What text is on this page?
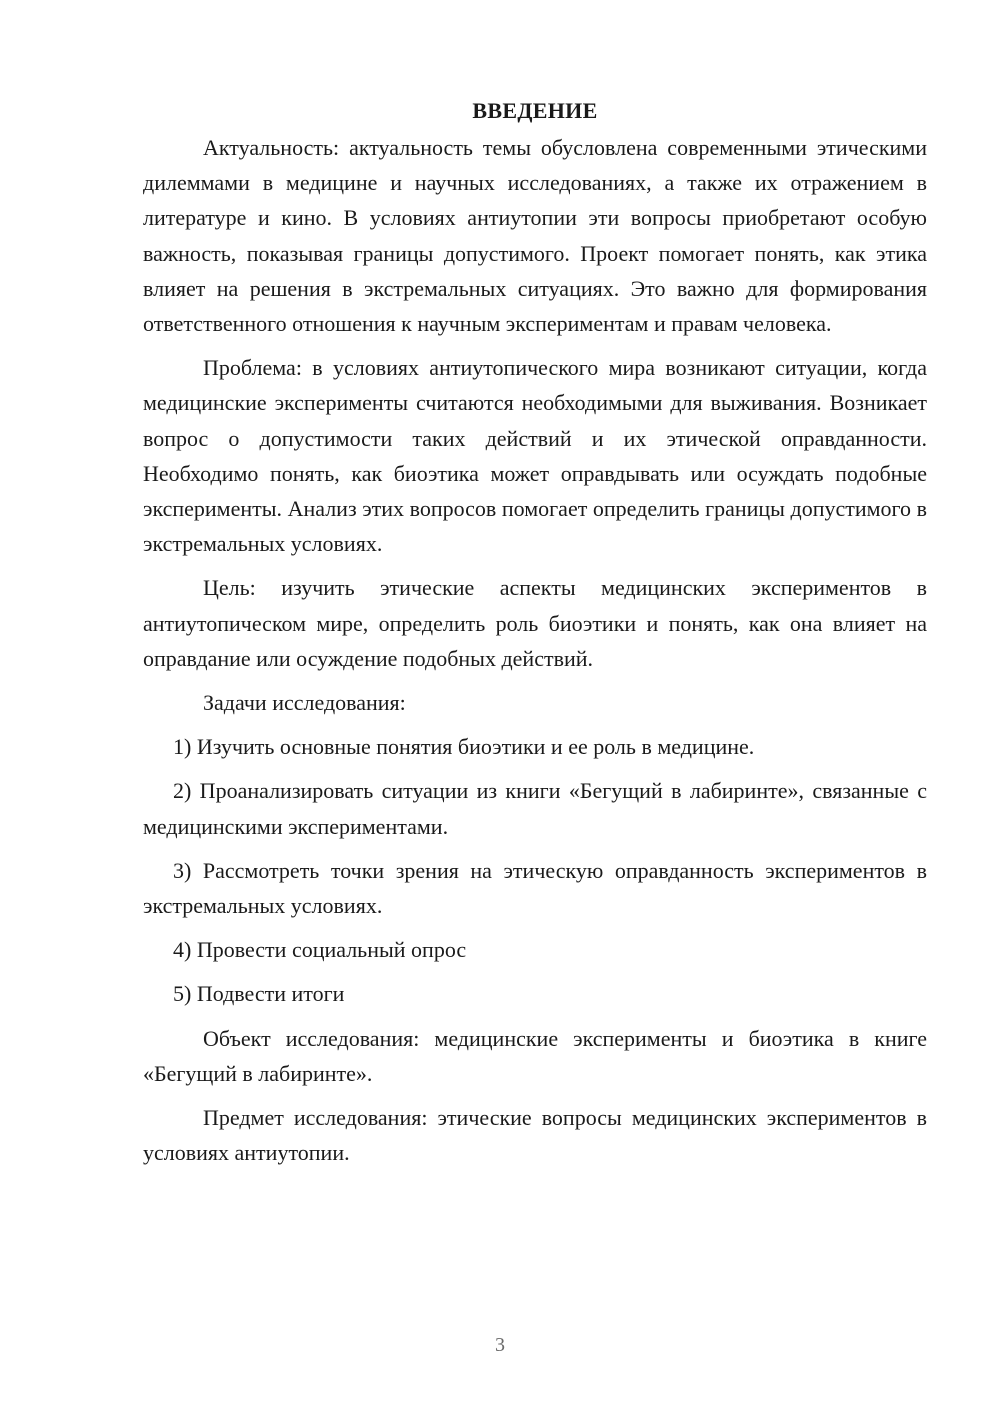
ВВЕДЕНИЕ

Актуальность: актуальность темы обусловлена современными этическими дилеммами в медицине и научных исследованиях, а также их отражением в литературе и кино. В условиях антиутопии эти вопросы приобретают особую важность, показывая границы допустимого. Проект помогает понять, как этика влияет на решения в экстремальных ситуациях. Это важно для формирования ответственного отношения к научным экспериментам и правам человека.

Проблема: в условиях антиутопического мира возникают ситуации, когда медицинские эксперименты считаются необходимыми для выживания. Возникает вопрос о допустимости таких действий и их этической оправданности. Необходимо понять, как биоэтика может оправдывать или осуждать подобные эксперименты. Анализ этих вопросов помогает определить границы допустимого в экстремальных условиях.

Цель: изучить этические аспекты медицинских экспериментов в антиутопическом мире, определить роль биоэтики и понять, как она влияет на оправдание или осуждение подобных действий.

Задачи исследования:

1) Изучить основные понятия биоэтики и ее роль в медицине.

2) Проанализировать ситуации из книги «Бегущий в лабиринте», связанные с медицинскими экспериментами.

3) Рассмотреть точки зрения на этическую оправданность экспериментов в экстремальных условиях.

4) Провести социальный опрос

5) Подвести итоги

Объект исследования: медицинские эксперименты и биоэтика в книге «Бегущий в лабиринте».

Предмет исследования: этические вопросы медицинских экспериментов в условиях антиутопии.

3
